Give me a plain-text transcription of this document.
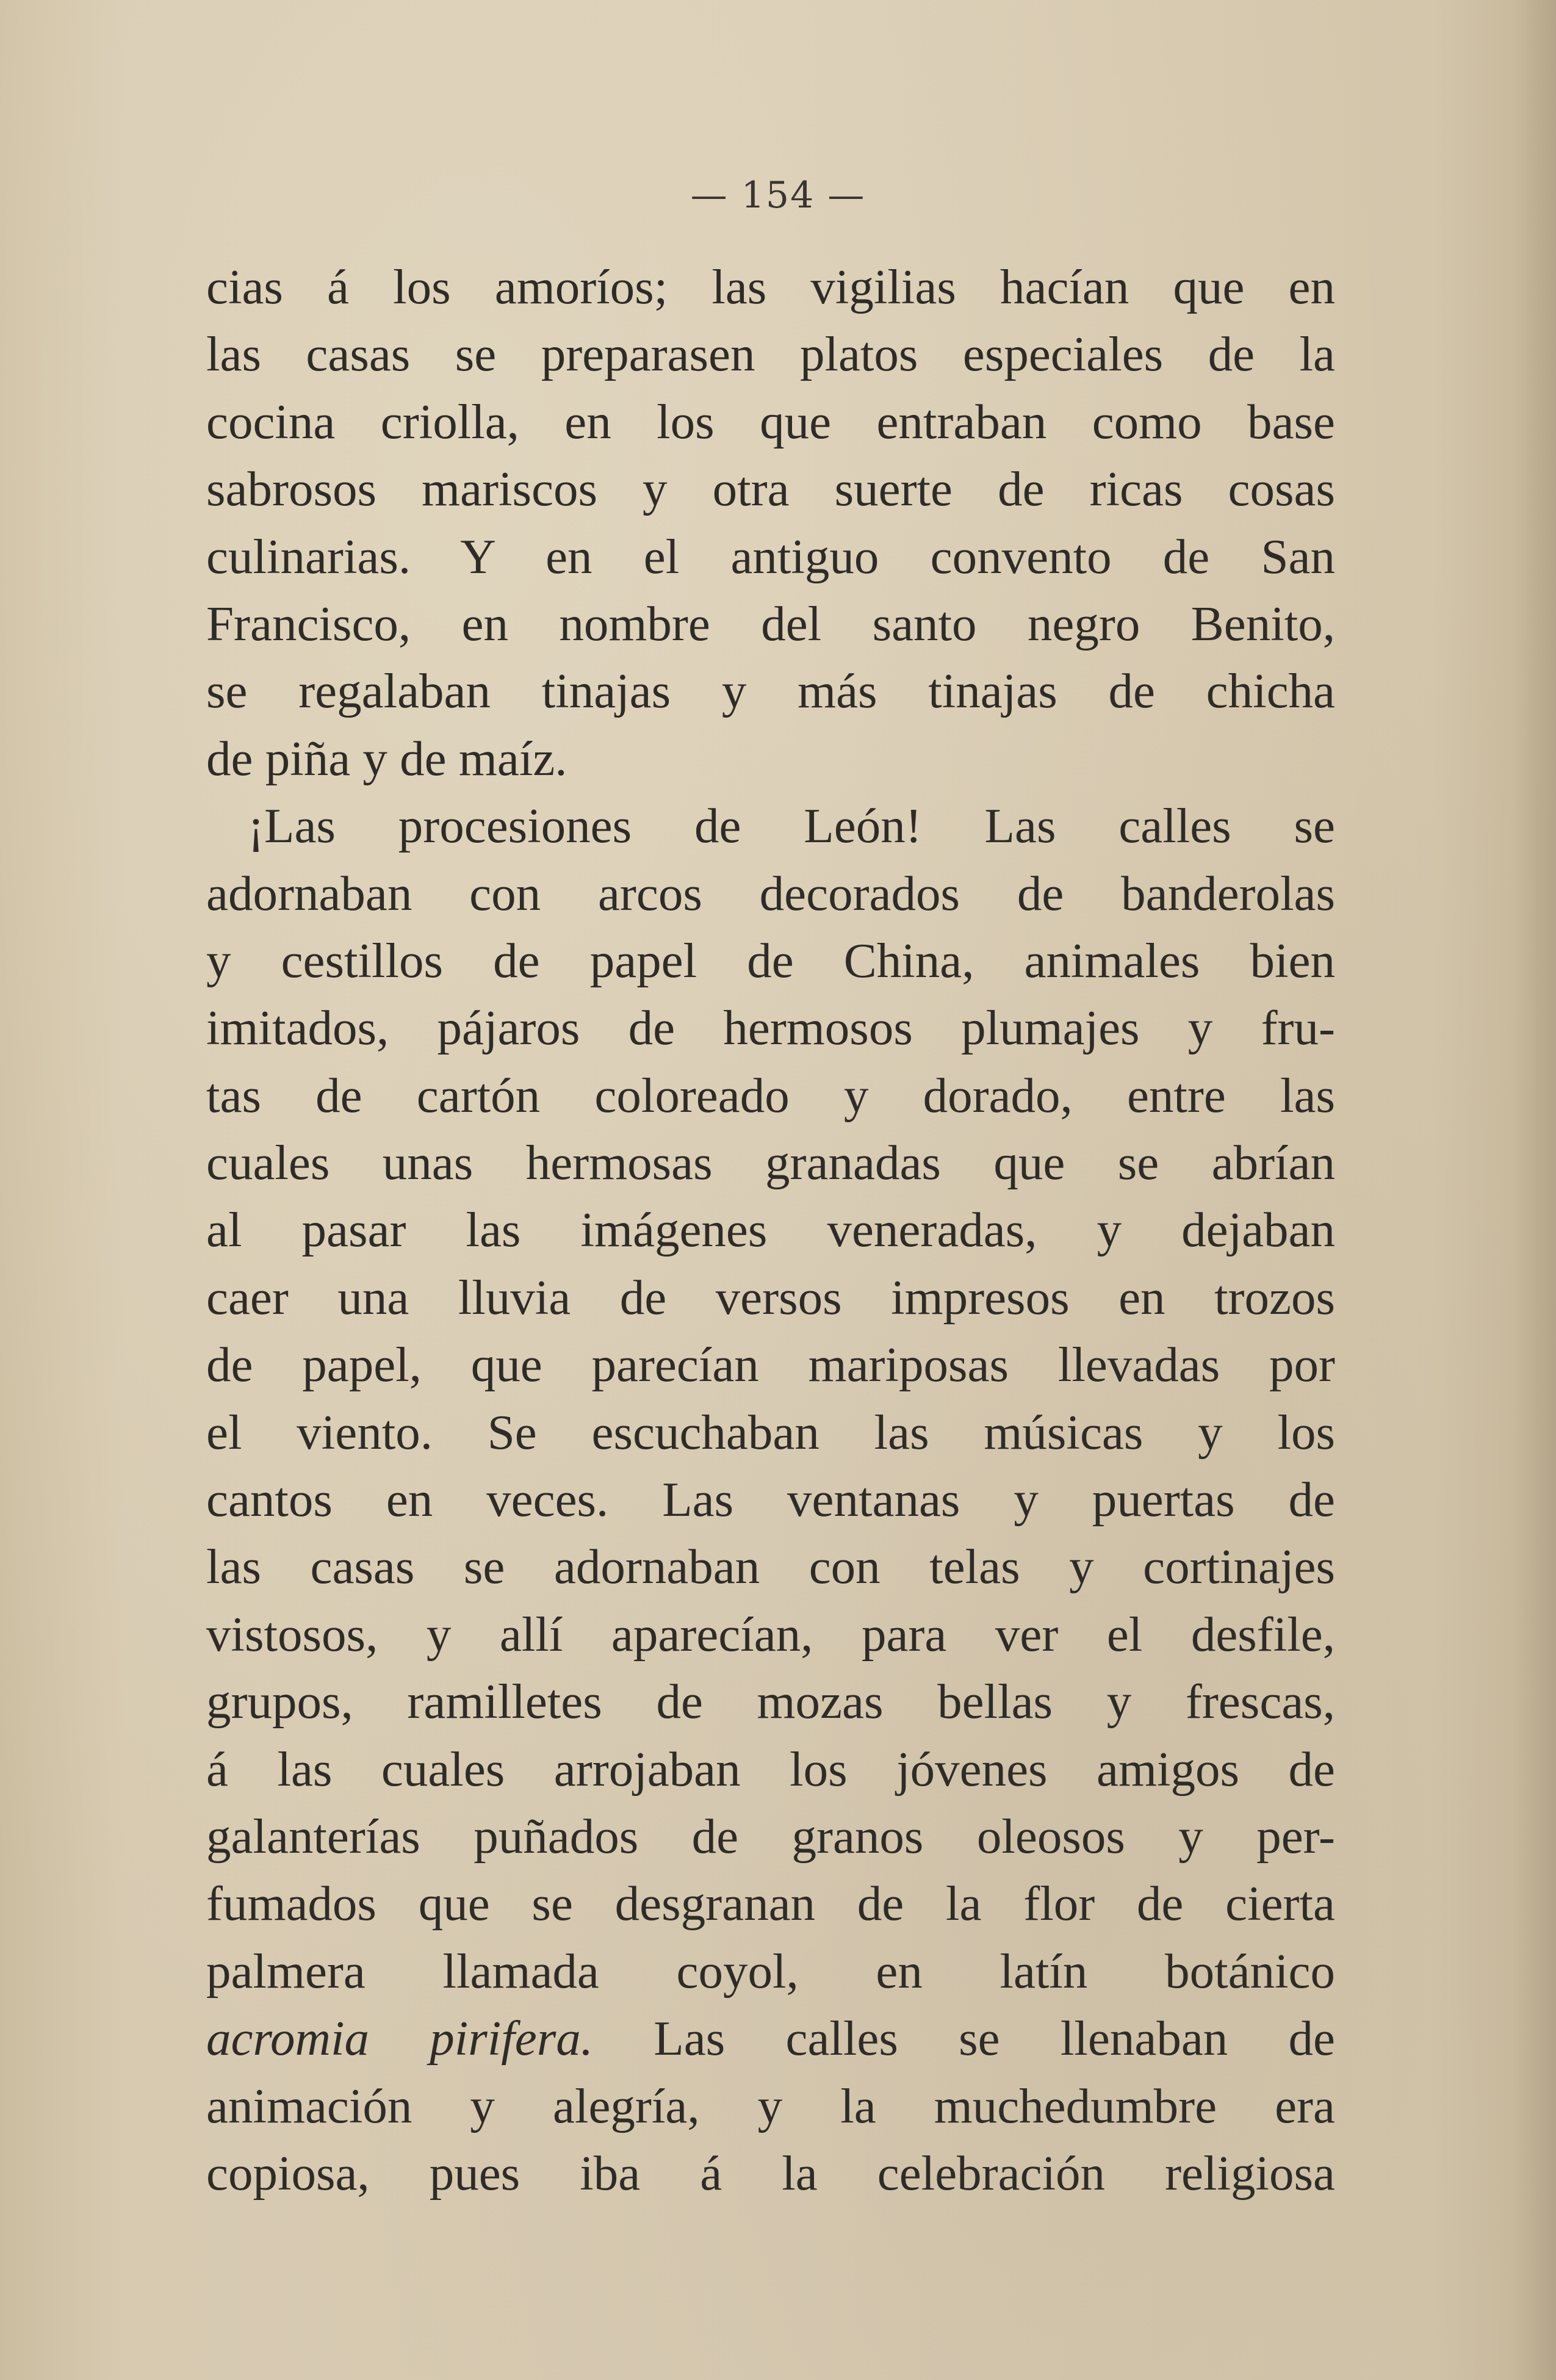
— 154 —
cias á los amoríos; las vigilias hacían que en
las casas se preparasen platos especiales de la
cocina criolla, en los que entraban como base
sabrosos mariscos y otra suerte de ricas cosas
culinarias. Y en el antiguo convento de San
Francisco, en nombre del santo negro Benito,
se regalaban tinajas y más tinajas de chicha
de piña y de maíz.
¡Las procesiones de León! Las calles se
adornaban con arcos decorados de banderolas
y cestillos de papel de China, animales bien
imitados, pájaros de hermosos plumajes y fru-
tas de cartón coloreado y dorado, entre las
cuales unas hermosas granadas que se abrían
al pasar las imágenes veneradas, y dejaban
caer una lluvia de versos impresos en trozos
de papel, que parecían mariposas llevadas por
el viento. Se escuchaban las músicas y los
cantos en veces. Las ventanas y puertas de
las casas se adornaban con telas y cortinajes
vistosos, y allí aparecían, para ver el desfile,
grupos, ramilletes de mozas bellas y frescas,
á las cuales arrojaban los jóvenes amigos de
galanterías puñados de granos oleosos y per-
fumados que se desgranan de la flor de cierta
palmera llamada coyol, en latín botánico
acromia pirifera. Las calles se llenaban de
animación y alegría, y la muchedumbre era
copiosa, pues iba á la celebración religiosa
